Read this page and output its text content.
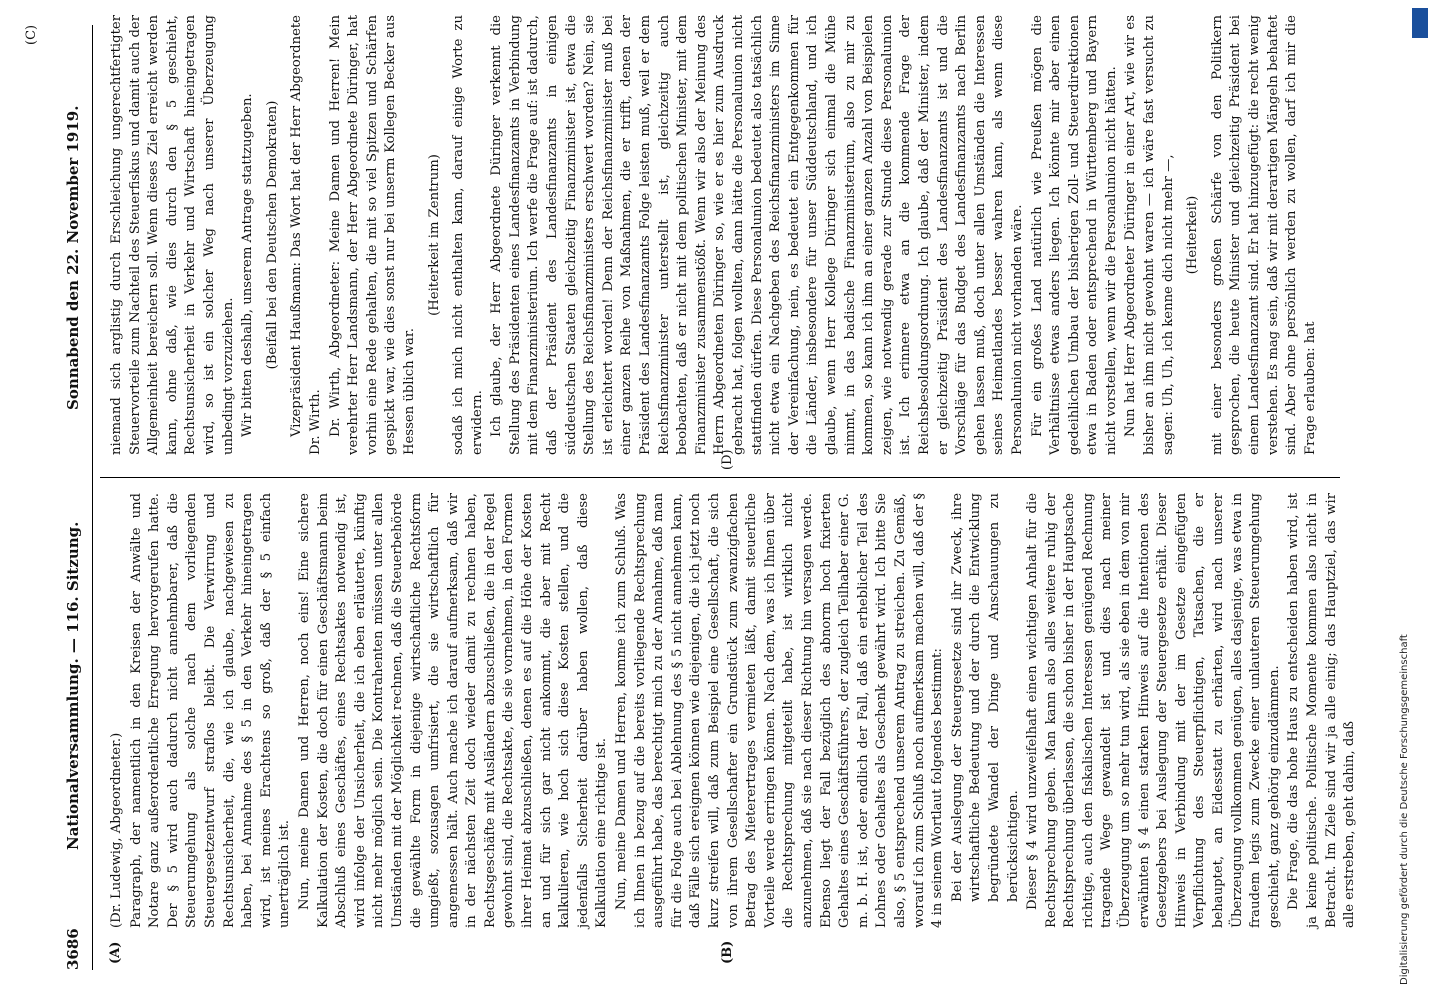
3686
Nationalversammlung. — 116. Sitzung.
Sonnabend den 22. November 1919.
(A)	(B)
(C)
(D)

(Dr. Ludewig, Abgeordneter.) Paragraph, der namentlich in den Kreisen der Anwälte und Notare ganz außerordentliche Erregung hervorgerufen hatte. Der § 5 wird auch dadurch nicht annehmbarer, daß die Steuerumgehung als solche nach dem vorliegenden Steuergesetzentwurf straflos bleibt. Die Verwirrung und Rechtsunsicherheit, die, wie ich glaube, nachgewiesen zu haben, bei Annahme des § 5 in den Verkehr hineingetragen wird, ist meines Erachtens so groß, daß der § 5 einfach unerträglich ist. Nun, meine Damen und Herren, noch eins! Eine sichere Kalkulation der Kosten, die doch für einen Geschäftsmann beim Abschluß eines Geschäftes, eines Rechtsaktes notwendig ist, wird infolge der Unsicherheit, die ich eben erläuterte, künftig nicht mehr möglich sein. Die Kontrahenten müssen unter allen Umständen mit der Möglichkeit rechnen, daß die Steuerbehörde die gewählte Form in diejenige wirtschaftliche Rechtsform umgießt, sozusagen umfrisiert, die sie wirtschaftlich für angemessen hält. Auch mache ich darauf aufmerksam, daß wir in der nächsten Zeit doch wieder damit zu rechnen haben, Rechtsgeschäfte mit Ausländern abzuschließen, die in der Regel gewohnt sind, die Rechtsakte, die sie vornehmen, in den Formen ihrer Heimat abzuschließen, denen es auf die Höhe der Kosten an und für sich gar nicht ankommt, die aber mit Recht kalkulieren, wie hoch sich diese Kosten stellen, und die jedenfalls Sicherheit darüber haben wollen, daß diese Kalkulation eine richtige ist. Nun, meine Damen und Herren, komme ich zum Schluß. Was ich Ihnen in bezug auf die bereits vorliegende Rechtsprechung ausgeführt habe, das berechtigt mich zu der Annahme, daß man für die Folge auch bei Ablehnung des § 5 nicht annehmen kann, daß Fälle sich ereignen können wie diejenigen, die ich jetzt noch kurz streifen will, daß zum Beispiel eine Gesellschaft, die sich von ihrem Gesellschafter ein Grundstück zum zwanzigfachen Betrag des Mieterertrages vermieten läßt, damit steuerliche Vorteile werde erringen können. Nach dem, was ich Ihnen über die Rechtsprechung mitgeteilt habe, ist wirklich nicht anzunehmen, daß sie nach dieser Richtung hin versagen werde. Ebenso liegt der Fall bezüglich des abnorm hoch fixierten Gehaltes eines Geschäftsführers, der zugleich Teilhaber einer G. m. b. H. ist, oder endlich der Fall, daß ein erheblicher Teil des Lohnes oder Gehaltes als Geschenk gewährt wird. Ich bitte Sie also, § 5 entsprechend unserem Antrag zu streichen. Zu Gemäß, worauf ich zum Schluß noch aufmerksam machen will, daß der § 4 in seinem Wortlaut folgendes bestimmt: Bei der Auslegung der Steuergesetze sind ihr Zweck, ihre wirtschaftliche Bedeutung und der durch die Entwicklung begründete Wandel der Dinge und Anschauungen zu berücksichtigen. Dieser § 4 wird unzweifelhaft einen wichtigen Anhalt für die Rechtsprechung geben. Man kann also alles weitere ruhig der Rechtsprechung überlassen, die schon bisher in der Hauptsache richtige, auch den fiskalischen Interessen genügend Rechnung tragende Wege gewandelt ist und dies nach meiner Überzeugung um so mehr tun wird, als sie eben in dem von mir erwähnten § 4 einen starken Hinweis auf die Intentionen des Gesetzgebers bei Auslegung der Steuergesetze erhält. Dieser Hinweis in Verbindung mit der im Gesetze eingefügten Verpflichtung des Steuerpflichtigen, Tatsachen, die er behauptet, an Eidesstatt zu erhärten, wird nach unserer Überzeugung vollkommen genügen, alles dasjenige, was etwa in fraudem legis zum Zwecke einer unlauteren Steuerumgehung geschieht, ganz gehörig einzudämmen. Die Frage, die das hohe Haus zu entscheiden haben wird, ist ja keine politische. Politische Momente kommen also nicht in Betracht. Im Ziele sind wir ja alle einig; das Hauptziel, das wir alle erstreben, geht dahin, daß

niemand sich arglistig durch Erschleichung ungerechtfertigter Steuervorteile zum Nachteil des Steuerfiskus und damit auch der Allgemeinheit bereichern soll. Wenn dieses Ziel erreicht werden kann, ohne daß, wie dies durch den § 5 geschieht, Rechtsunsicherheit in Verkehr und Wirtschaft hineingetragen wird, so ist ein solcher Weg nach unserer Überzeugung unbedingt vorzuziehen. Wir bitten deshalb, unserem Antrage stattzugeben. (Beifall bei den Deutschen Demokraten) Vizepräsident Haußmann: Das Wort hat der Herr Abgeordnete Dr. Wirth. Dr. Wirth, Abgeordneter: Meine Damen und Herren! Mein verehrter Herr Landsmann, der Herr Abgeordnete Düringer, hat vorhin eine Rede gehalten, die mit so viel Spitzen und Schärfen gespickt war, wie dies sonst nur bei unserm Kollegen Becker aus Hessen üblich war.

(Heiterkeit im Zentrum) sodaß ich mich nicht enthalten kann, darauf einige Worte zu erwidern. Ich glaube, der Herr Abgeordnete Düringer verkennt die Stellung des Präsidenten eines Landesfinanzamts in Verbindung mit dem Finanzministerium. Ich werfe die Frage auf: ist dadurch, daß der Präsident des Landesfinanzamts in einigen süddeutschen Staaten gleichzeitig Finanzminister ist, etwa die Stellung des Reichsfinanzministers erschwert worden? Nein, sie ist erleichtert worden! Denn der Reichsfinanzminister muß bei einer ganzen Reihe von Maßnahmen, die er trifft, denen der Präsident des Landesfinanzamts Folge leisten muß, weil er dem Reichsfinanzminister unterstellt ist, gleichzeitig auch beobachten, daß er nicht mit dem politischen Minister, mit dem Finanzminister zusammenstößt. Wenn wir also der Meinung des Herrn Abgeordneten Düringer so, wie er es hier zum Ausdruck gebracht hat, folgen wollten, dann hätte die Personalunion nicht stattfinden dürfen. Diese Personalunion bedeutet also tatsächlich nicht etwa ein Nachgeben des Reichsfinanzministers im Sinne der Vereinfachung, nein, es bedeutet ein Entgegenkommen für die Länder, insbesondere für unser Süddeutschland, und ich glaube, wenn Herr Kollege Düringer sich einmal die Mühe nimmt, in das badische Finanzministerium, also zu mir zu kommen, so kann ich ihm an einer ganzen Anzahl von Beispielen zeigen, wie notwendig gerade zur Stunde diese Personalunion ist. Ich erinnere etwa an die kommende Frage der Reichsbesoldungsordnung. Ich glaube, daß der Minister, indem er gleichzeitig Präsident des Landesfinanzamts ist und die Vorschläge für das Budget des Landesfinanzamts nach Berlin gehen lassen muß, doch unter allen Umständen die Interessen seines Heimatlandes besser wahren kann, als wenn diese Personalunion nicht vorhanden wäre. Für ein großes Land natürlich wie Preußen mögen die Verhältnisse etwas anders liegen. Ich könnte mir aber einen gedeihlichen Umbau der bisherigen Zoll- und Steuerdirektionen etwa in Baden oder entsprechend in Württemberg und Bayern nicht vorstellen, wenn wir die Personalunion nicht hätten. Nun hat Herr Abgeordneter Düringer in einer Art, wie wir es bisher an ihm nicht gewohnt waren — ich wäre fast versucht zu sagen: Uh, Uh, ich kenne dich nicht mehr —, (Heiterkeit) mit einer besonders großen Schärfe von den Politikern gesprochen, die heute Minister und gleichzeitig Präsident bei einem Landesfinanzamt sind. Er hat hinzugefügt: die recht wenig verstehen. Es mag sein, daß wir mit derartigen Mängeln behaftet sind. Aber ohne persönlich werden zu wollen, darf ich mir die Frage erlauben: hat

Digitalisierung gefördert durch die Deutsche Forschungsgemeinschaft
